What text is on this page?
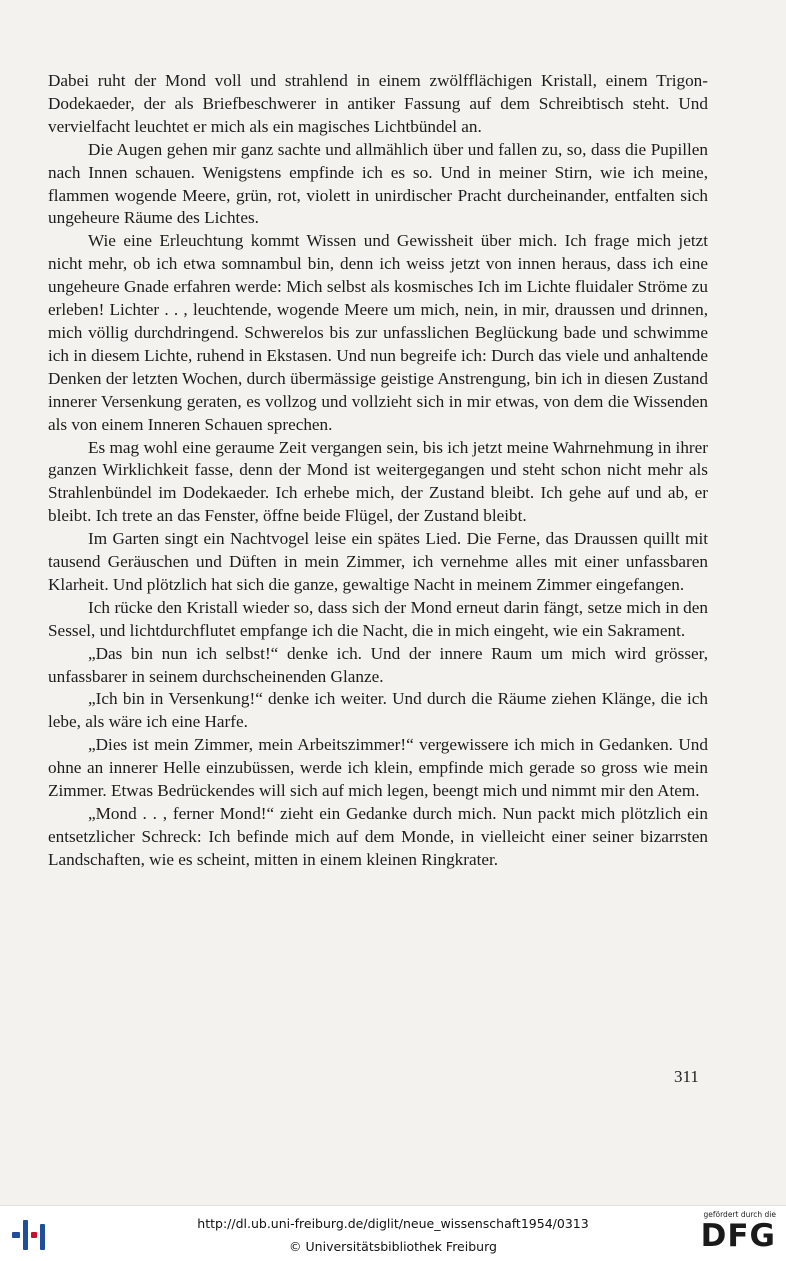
Dabei ruht der Mond voll und strahlend in einem zwölfflächigen Kristall, einem Trigon-Dodekaeder, der als Briefbeschwerer in antiker Fassung auf dem Schreibtisch steht. Und vervielfacht leuchtet er mich als ein magisches Lichtbündel an.

Die Augen gehen mir ganz sachte und allmählich über und fallen zu, so, dass die Pupillen nach Innen schauen. Wenigstens empfinde ich es so. Und in meiner Stirn, wie ich meine, flammen wogende Meere, grün, rot, violett in unirdischer Pracht durcheinander, entfalten sich ungeheure Räume des Lichtes.

Wie eine Erleuchtung kommt Wissen und Gewissheit über mich. Ich frage mich jetzt nicht mehr, ob ich etwa somnambul bin, denn ich weiss jetzt von innen heraus, dass ich eine ungeheure Gnade erfahren werde: Mich selbst als kosmisches Ich im Lichte fluidaler Ströme zu erleben! Lichter . . , leuchtende, wogende Meere um mich, nein, in mir, draussen und drinnen, mich völlig durchdringend. Schwerelos bis zur unfasslichen Beglückung bade und schwimme ich in diesem Lichte, ruhend in Ekstasen. Und nun begreife ich: Durch das viele und anhaltende Denken der letzten Wochen, durch übermässige geistige Anstrengung, bin ich in diesen Zustand innerer Versenkung geraten, es vollzog und vollzieht sich in mir etwas, von dem die Wissenden als von einem Inneren Schauen sprechen.

Es mag wohl eine geraume Zeit vergangen sein, bis ich jetzt meine Wahrnehmung in ihrer ganzen Wirklichkeit fasse, denn der Mond ist weitergegangen und steht schon nicht mehr als Strahlenbündel im Dodekaeder. Ich erhebe mich, der Zustand bleibt. Ich gehe auf und ab, er bleibt. Ich trete an das Fenster, öffne beide Flügel, der Zustand bleibt.

Im Garten singt ein Nachtvogel leise ein spätes Lied. Die Ferne, das Draussen quillt mit tausend Geräuschen und Düften in mein Zimmer, ich vernehme alles mit einer unfassbaren Klarheit. Und plötzlich hat sich die ganze, gewaltige Nacht in meinem Zimmer eingefangen.

Ich rücke den Kristall wieder so, dass sich der Mond erneut darin fängt, setze mich in den Sessel, und lichtdurchflutet empfange ich die Nacht, die in mich eingeht, wie ein Sakrament.

„Das bin nun ich selbst!“ denke ich. Und der innere Raum um mich wird grösser, unfassbarer in seinem durchscheinenden Glanze.

„Ich bin in Versenkung!“ denke ich weiter. Und durch die Räume ziehen Klänge, die ich lebe, als wäre ich eine Harfe.

„Dies ist mein Zimmer, mein Arbeitszimmer!“ vergewissere ich mich in Gedanken. Und ohne an innerer Helle einzubüssen, werde ich klein, empfinde mich gerade so gross wie mein Zimmer. Etwas Bedrückendes will sich auf mich legen, beengt mich und nimmt mir den Atem.

„Mond . . , ferner Mond!“ zieht ein Gedanke durch mich. Nun packt mich plötzlich ein entsetzlicher Schreck: Ich befinde mich auf dem Monde, in vielleicht einer seiner bizarrsten Landschaften, wie es scheint, mitten in einem kleinen Ringkrater.

311
http://dl.ub.uni-freiburg.de/diglit/neue_wissenschaft1954/0313
© Universitätsbibliothek Freiburg
gefördert durch die
DFG
